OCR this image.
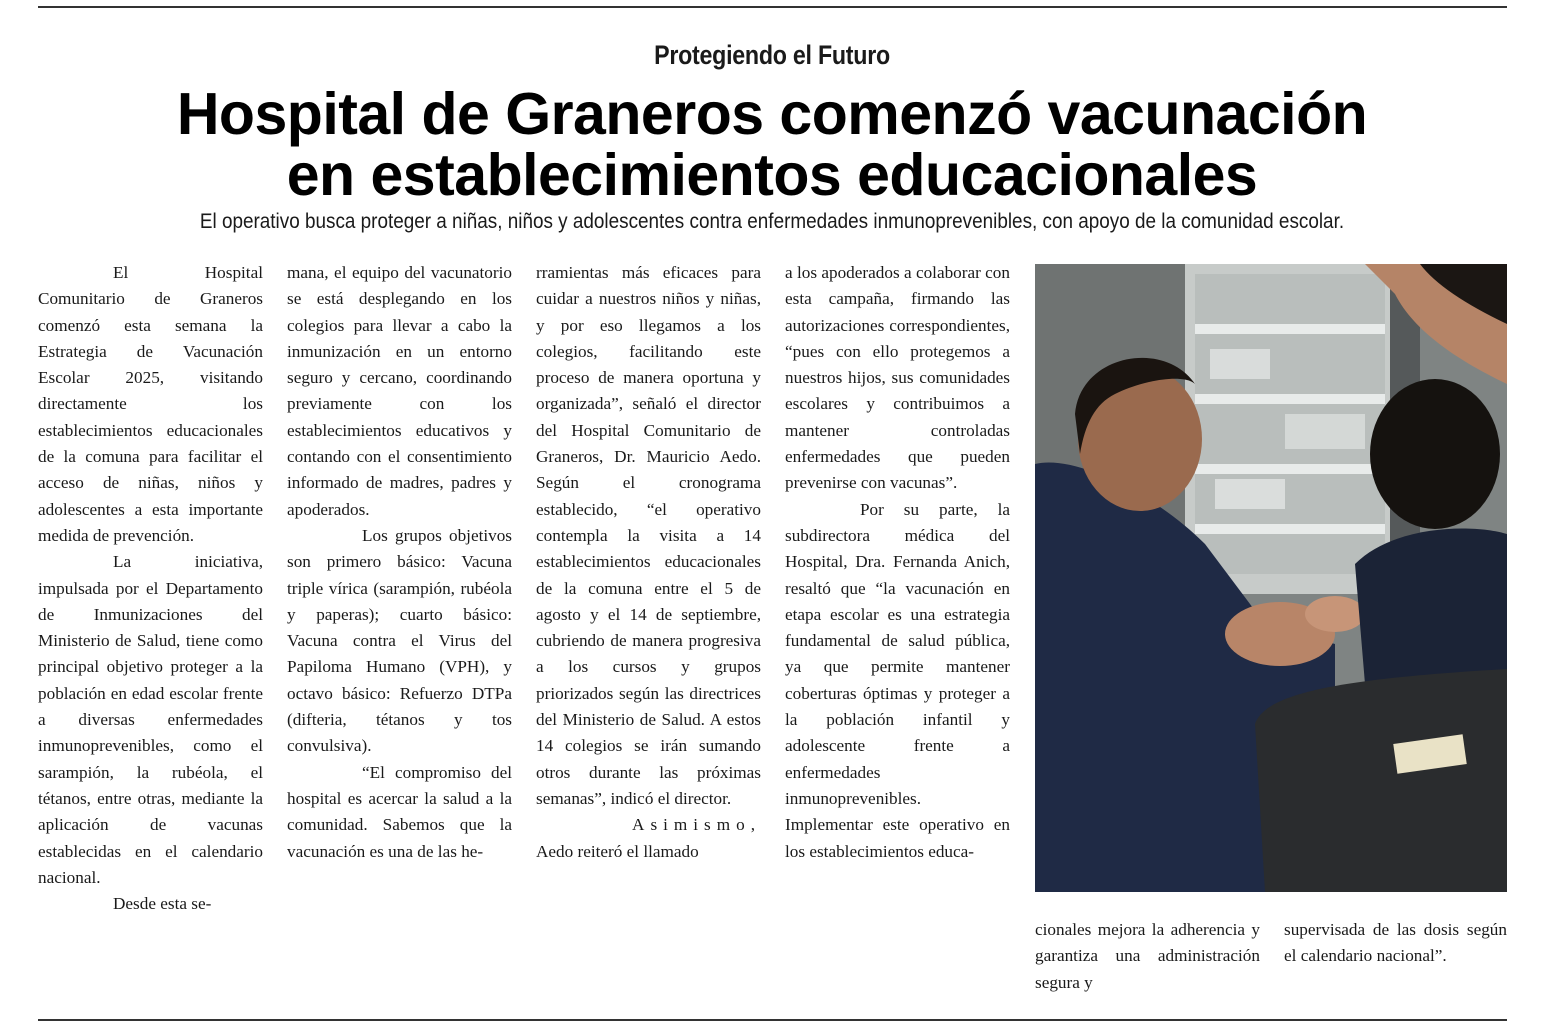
Protegiendo el Futuro
Hospital de Graneros comenzó vacunación
en establecimientos educacionales
El operativo busca proteger a niñas, niños y adolescentes contra enfermedades inmunoprevenibles, con apoyo de la comunidad escolar.

El Hospital Comunitario de Graneros comenzó esta semana la Estrategia de Vacunación Escolar 2025, visitando directamente los establecimientos educacionales de la comuna para facilitar el acceso de niñas, niños y adolescentes a esta importante medida de prevención.

La iniciativa, impulsada por el Departamento de Inmunizaciones del Ministerio de Salud, tiene como principal objetivo proteger a la población en edad escolar frente a diversas enfermedades inmunoprevenibles, como el sarampión, la rubéola, el tétanos, entre otras, mediante la aplicación de vacunas establecidas en el calendario nacional.

Desde esta se-

mana, el equipo del vacunatorio se está desplegando en los colegios para llevar a cabo la inmunización en un entorno seguro y cercano, coordinando previamente con los establecimientos educativos y contando con el consentimiento informado de madres, padres y apoderados.

Los grupos objetivos son primero básico: Vacuna triple vírica (sarampión, rubéola y paperas); cuarto básico: Vacuna contra el Virus del Papiloma Humano (VPH), y octavo básico: Refuerzo DTPa (difteria, tétanos y tos convulsiva).

“El compromiso del hospital es acercar la salud a la comunidad. Sabemos que la vacunación es una de las he-

rramientas más eficaces para cuidar a nuestros niños y niñas, y por eso llegamos a los colegios, facilitando este proceso de manera oportuna y organizada”, señaló el director del Hospital Comunitario de Graneros, Dr. Mauricio Aedo. Según el cronograma establecido, “el operativo contempla la visita a 14 establecimientos educacionales de la comuna entre el 5 de agosto y el 14 de septiembre, cubriendo de manera progresiva a los cursos y grupos priorizados según las directrices del Ministerio de Salud. A estos 14 colegios se irán sumando otros durante las próximas semanas”, indicó el director.

Asimismo,

Aedo reiteró el llamado

a los apoderados a colaborar con esta campaña, firmando las autorizaciones correspondientes, “pues con ello protegemos a nuestros hijos, sus comunidades escolares y contribuimos a mantener controladas enfermedades que pueden prevenirse con vacunas”.

Por su parte, la subdirectora médica del Hospital, Dra. Fernanda Anich, resaltó que “la vacunación en etapa escolar es una estrategia fundamental de salud pública, ya que permite mantener coberturas óptimas y proteger a la población infantil y adolescente frente a enfermedades inmunoprevenibles. Implementar este operativo en los establecimientos educa-

cionales mejora la adherencia y garantiza una administración segura y

supervisada de las dosis según el calendario nacional”.
